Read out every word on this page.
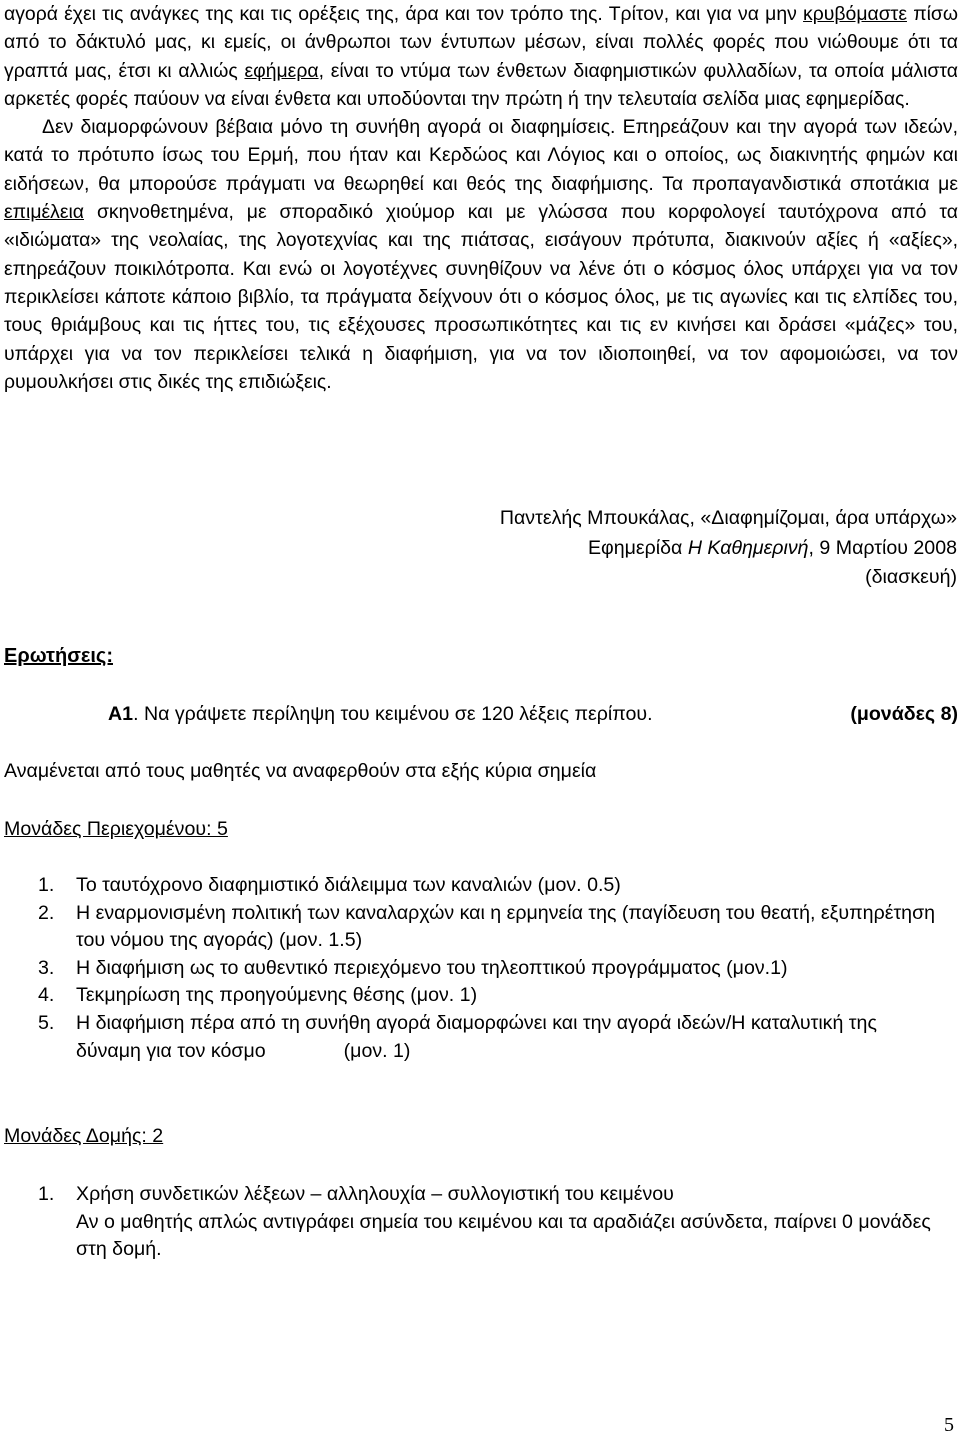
αγορά έχει τις ανάγκες της και τις ορέξεις της, άρα και τον τρόπο της. Τρίτον, και για να μην κρυβόμαστε πίσω από το δάκτυλό μας, κι εμείς, οι άνθρωποι των έντυπων μέσων, είναι πολλές φορές που νιώθουμε ότι τα γραπτά μας, έτσι κι αλλιώς εφήμερα, είναι το ντύμα των ένθετων διαφημιστικών φυλλαδίων, τα οποία μάλιστα αρκετές φορές παύουν να είναι ένθετα και υποδύονται την πρώτη ή την τελευταία σελίδα μιας εφημερίδας.
Δεν διαμορφώνουν βέβαια μόνο τη συνήθη αγορά οι διαφημίσεις. Επηρεάζουν και την αγορά των ιδεών, κατά το πρότυπο ίσως του Ερμή, που ήταν και Κερδώος και Λόγιος και ο οποίος, ως διακινητής φημών και ειδήσεων, θα μπορούσε πράγματι να θεωρηθεί και θεός της διαφήμισης. Τα προπαγανδιστικά σποτάκια με επιμέλεια σκηνοθετημένα, με σποραδικό χιούμορ και με γλώσσα που κορφολογεί ταυτόχρονα από τα «ιδιώματα» της νεολαίας, της λογοτεχνίας και της πιάτσας, εισάγουν πρότυπα, διακινούν αξίες ή «αξίες», επηρεάζουν ποικιλότροπα. Και ενώ οι λογοτέχνες συνηθίζουν να λένε ότι ο κόσμος όλος υπάρχει για να τον περικλείσει κάποτε κάποιο βιβλίο, τα πράγματα δείχνουν ότι ο κόσμος όλος, με τις αγωνίες και τις ελπίδες του, τους θριάμβους και τις ήττες του, τις εξέχουσες προσωπικότητες και τις εν κινήσει και δράσει «μάζες» του, υπάρχει για να τον περικλείσει τελικά η διαφήμιση, για να τον ιδιοποιηθεί, να τον αφομοιώσει, να τον ρυμουλκήσει στις δικές της επιδιώξεις.

Παντελής Μπουκάλας, «Διαφημίζομαι, άρα υπάρχω»
Εφημερίδα Η Καθημερινή, 9 Μαρτίου 2008
(διασκευή)
Ερωτήσεις:
Α1. Να γράψετε περίληψη του κειμένου σε 120 λέξεις περίπου.	(μονάδες 8)
Αναμένεται από τους μαθητές να αναφερθούν στα εξής κύρια σημεία
Μονάδες Περιεχομένου: 5
1. Το ταυτόχρονο διαφημιστικό διάλειμμα των καναλιών (μον. 0.5)
2. Η εναρμονισμένη πολιτική των καναλαρχών και η ερμηνεία της (παγίδευση του θεατή, εξυπηρέτηση του νόμου της αγοράς) (μον. 1.5)
3. Η διαφήμιση ως το αυθεντικό περιεχόμενο του τηλεοπτικού προγράμματος (μον.1)
4. Τεκμηρίωση της προηγούμενης θέσης (μον. 1)
5. Η διαφήμιση πέρα από τη συνήθη αγορά διαμορφώνει και την αγορά ιδεών/Η καταλυτική της δύναμη για τον κόσμο	(μον. 1)
Μονάδες Δομής: 2
1. Χρήση συνδετικών λέξεων – αλληλουχία – συλλογιστική του κειμένου
Αν ο μαθητής απλώς αντιγράφει σημεία του κειμένου και τα αραδιάζει ασύνδετα, παίρνει 0 μονάδες στη δομή.
5
